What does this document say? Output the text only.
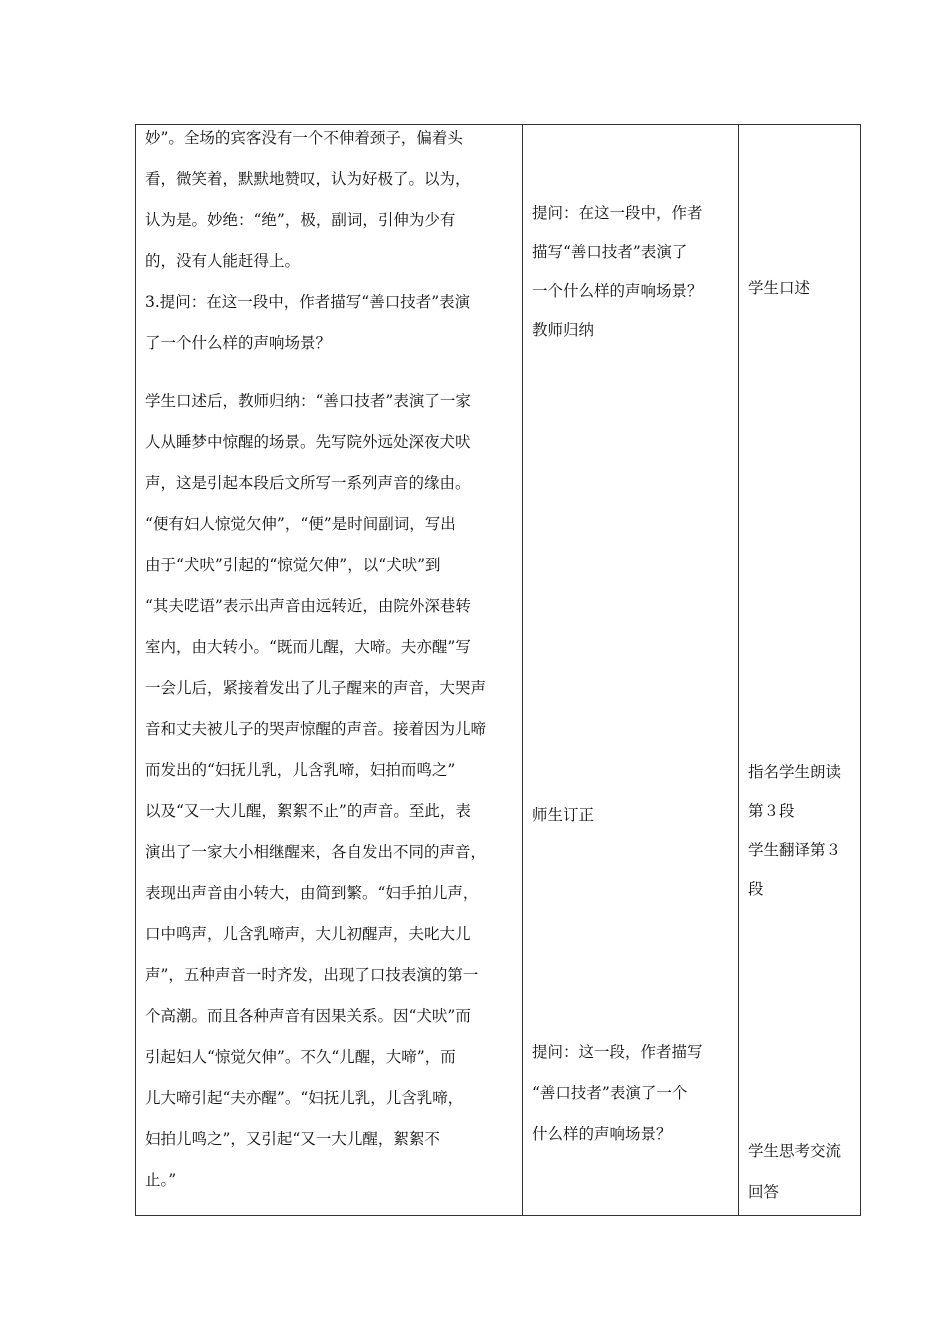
妙”。全场的宾客没有一个不伸着颈子，偏着头
看，微笑着，默默地赞叹，认为好极了。以为，
认为是。妙绝：“绝”，极，副词，引伸为少有
的，没有人能赶得上。
3.提问：在这一段中，作者描写“善口技者”表演
了一个什么样的声响场景？
学生口述后，教师归纳：“善口技者”表演了一家
人从睡梦中惊醒的场景。先写院外远处深夜犬吠
声，这是引起本段后文所写一系列声音的缘由。
“便有妇人惊觉欠伸”，“便”是时间副词，写出
由于“犬吠”引起的“惊觉欠伸”，以“犬吠”到
“其夫呓语”表示出声音由远转近，由院外深巷转
室内，由大转小。“既而儿醒，大啼。夫亦醒”写
一会儿后，紧接着发出了儿子醒来的声音，大哭声
音和丈夫被儿子的哭声惊醒的声音。接着因为儿啼
而发出的“妇抚儿乳，儿含乳啼，妇拍而鸣之”
以及“又一大儿醒，絮絮不止”的声音。至此，表
演出了一家大小相继醒来，各自发出不同的声音，
表现出声音由小转大，由简到繁。“妇手拍儿声，
口中鸣声，儿含乳啼声，大儿初醒声，夫叱大儿
声”，五种声音一时齐发，出现了口技表演的第一
个高潮。而且各种声音有因果关系。因“犬吠”而
引起妇人“惊觉欠伸”。不久“儿醒，大啼”，而
儿大啼引起“夫亦醒”。“妇抚儿乳，儿含乳啼，
妇拍儿鸣之”，又引起“又一大儿醒，絮絮不
止。”
提问：在这一段中，作者
描写“善口技者”表演了
一个什么样的声响场景？
教师归纳
师生订正
提问：这一段，作者描写
“善口技者”表演了一个
什么样的声响场景？
学生口述
指名学生朗读
第３段
学生翻译第３
段
学生思考交流
回答
